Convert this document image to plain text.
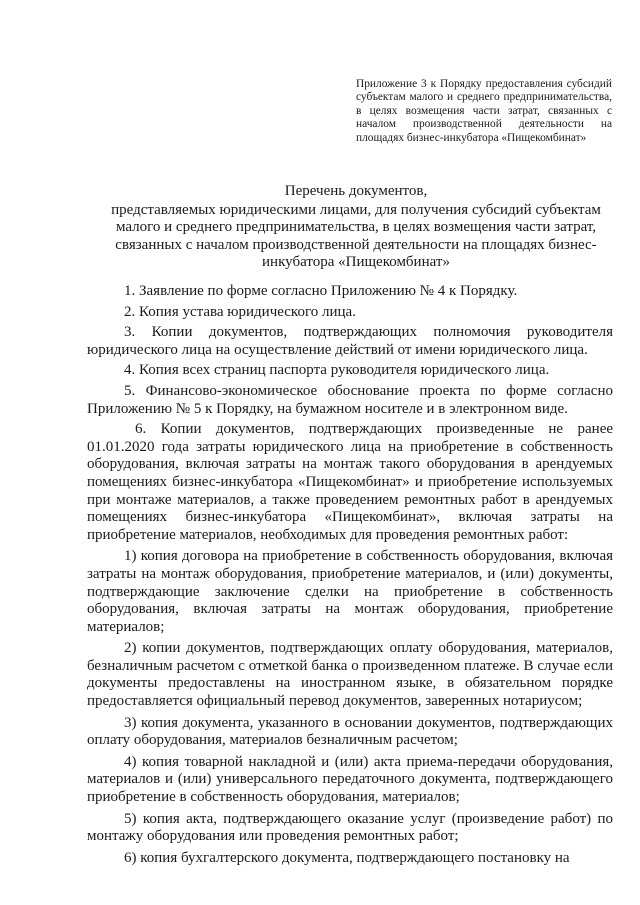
Приложение 3 к Порядку предоставления субсидий субъектам малого и среднего предпринимательства, в целях возмещения части затрат, связанных с началом производственной деятельности на площадях бизнес-инкубатора «Пищекомбинат»
Перечень документов,
представляемых юридическими лицами, для получения субсидий субъектам малого и среднего предпринимательства, в целях возмещения части затрат, связанных с началом производственной деятельности на площадях бизнес-инкубатора «Пищекомбинат»

1. Заявление по форме согласно Приложению № 4 к Порядку.

2. Копия устава юридического лица.

3. Копии документов, подтверждающих полномочия руководителя юридического лица на осуществление действий от имени юридического лица.

4. Копия всех страниц паспорта руководителя юридического лица.

5. Финансово-экономическое обоснование проекта по форме согласно Приложению № 5 к Порядку, на бумажном носителе и в электронном виде.

6. Копии документов, подтверждающих произведенные не ранее 01.01.2020 года затраты юридического лица на приобретение в собственность оборудования, включая затраты на монтаж такого оборудования в арендуемых помещениях бизнес-инкубатора «Пищекомбинат» и приобретение используемых при монтаже материалов, а также проведением ремонтных работ в арендуемых помещениях бизнес-инкубатора «Пищекомбинат», включая затраты на приобретение материалов, необходимых для проведения ремонтных работ:

1) копия договора на приобретение в собственность оборудования, включая затраты на монтаж оборудования, приобретение материалов, и (или) документы, подтверждающие заключение сделки на приобретение в собственность оборудования, включая затраты на монтаж оборудования, приобретение материалов;

2) копии документов, подтверждающих оплату оборудования, материалов, безналичным расчетом с отметкой банка о произведенном платеже. В случае если документы предоставлены на иностранном языке, в обязательном порядке предоставляется официальный перевод документов, заверенных нотариусом;

3) копия документа, указанного в основании документов, подтверждающих оплату оборудования, материалов безналичным расчетом;

4) копия товарной накладной и (или) акта приема-передачи оборудования, материалов и (или) универсального передаточного документа, подтверждающего приобретение в собственность оборудования, материалов;

5) копия акта, подтверждающего оказание услуг (произведение работ) по монтажу оборудования или проведения ремонтных работ;

6) копия бухгалтерского документа, подтверждающего постановку на
